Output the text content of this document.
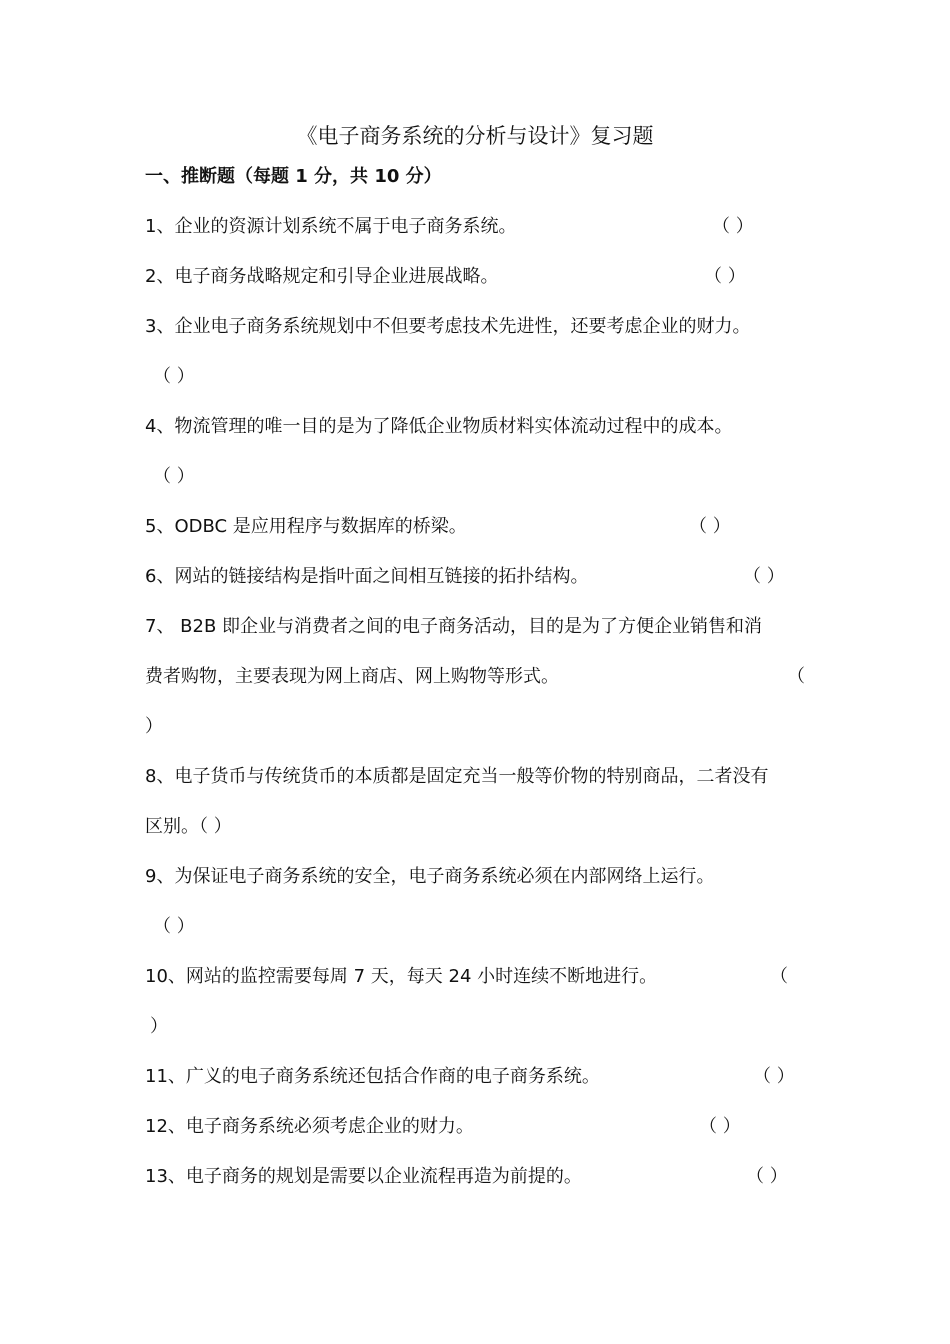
《电子商务系统的分析与设计》复习题
一、推断题（每题 1 分，共 10 分）
1、企业的资源计划系统不属于电子商务系统。	（ ）
2、电子商务战略规定和引导企业进展战略。	（ ）
3、企业电子商务系统规划中不但要考虑技术先进性，还要考虑企业的财力。
（ ）
4、物流管理的唯一目的是为了降低企业物质材料实体流动过程中的成本。
（ ）
5、ODBC 是应用程序与数据库的桥梁。	（ ）
6、网站的链接结构是指叶面之间相互链接的拓扑结构。	（ ）
7、 B2B 即企业与消费者之间的电子商务活动，目的是为了方便企业销售和消
费者购物，主要表现为网上商店、网上购物等形式。	（
）
8、电子货币与传统货币的本质都是固定充当一般等价物的特别商品，二者没有
区别。（ ）
9、为保证电子商务系统的安全，电子商务系统必须在内部网络上运行。
（ ）
10、网站的监控需要每周 7 天，每天 24 小时连续不断地进行。	（
）
11、广义的电子商务系统还包括合作商的电子商务系统。	（ ）
12、电子商务系统必须考虑企业的财力。	（ ）
13、电子商务的规划是需要以企业流程再造为前提的。	（ ）
